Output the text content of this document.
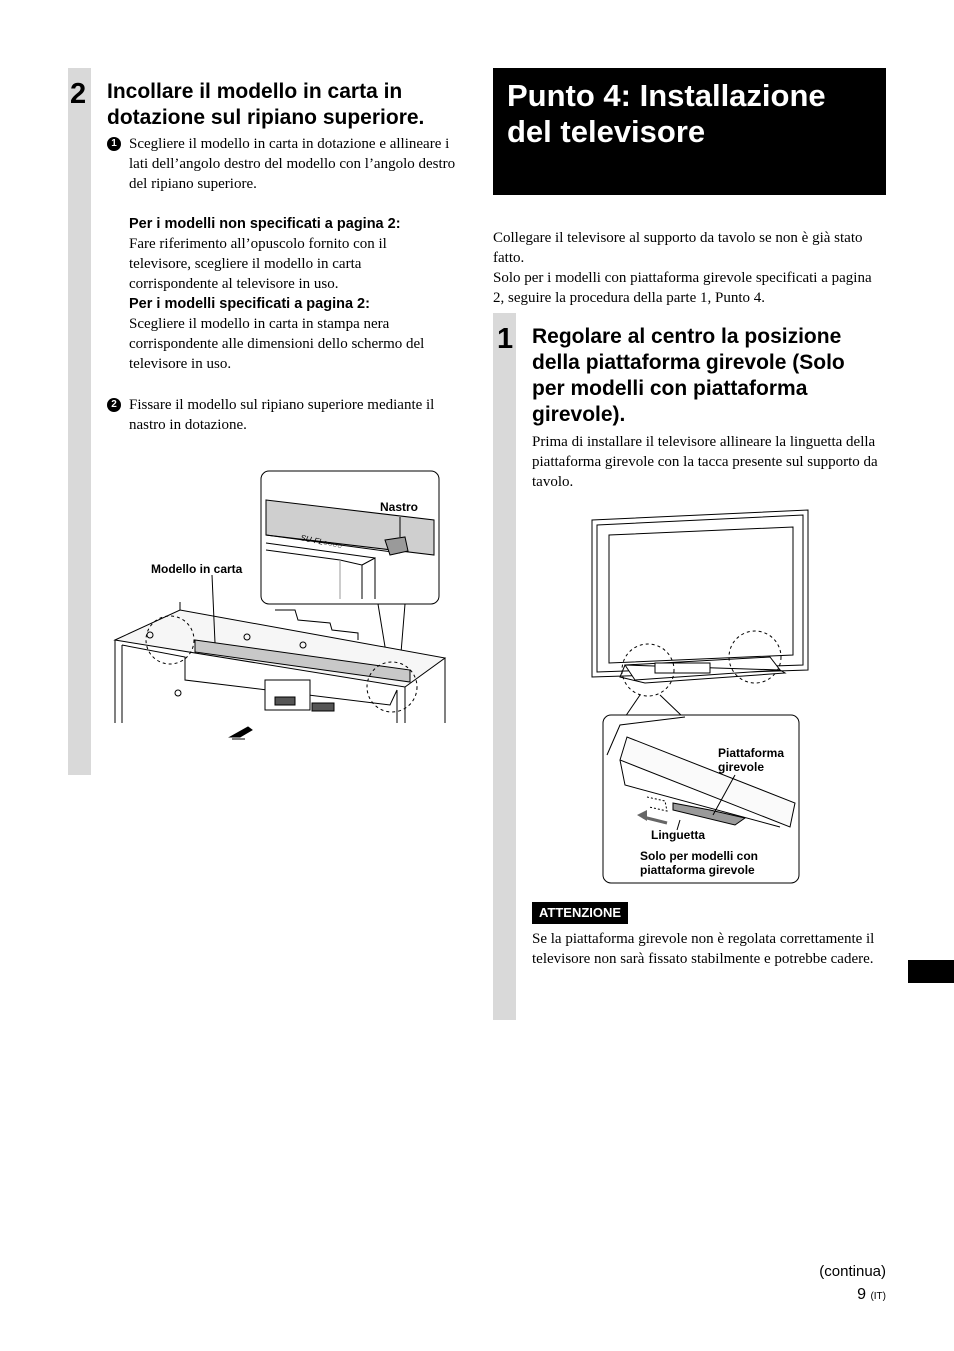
2 Incollare il modello in carta in dotazione sul ripiano superiore.
1 Scegliere il modello in carta in dotazione e allineare i lati dell’angolo destro del modello con l’angolo destro del ripiano superiore.
Per i modelli non specificati a pagina 2:
Fare riferimento all’opuscolo fornito con il televisore, scegliere il modello in carta corrispondente al televisore in uso.
Per i modelli specificati a pagina 2:
Scegliere il modello in carta in stampa nera corrispondente alle dimensioni dello schermo del televisore in uso.
2 Fissare il modello sul ripiano superiore mediante il nastro in dotazione.
SU-FL○○○○
Nastro
Modello in carta
Punto 4: Installazione del televisore
Collegare il televisore al supporto da tavolo se non è già stato fatto.
Solo per i modelli con piattaforma girevole specificati a pagina 2, seguire la procedura della parte 1, Punto 4.
1 Regolare al centro la posizione della piattaforma girevole (Solo per modelli con piattaforma girevole).
Prima di installare il televisore allineare la linguetta della piattaforma girevole con la tacca presente sul supporto da tavolo.
Piattaforma girevole
Linguetta
Solo per modelli con piattaforma girevole
ATTENZIONE
Se la piattaforma girevole non è regolata correttamente il televisore non sarà fissato stabilmente e potrebbe cadere.
(continua)
9 (IT)
